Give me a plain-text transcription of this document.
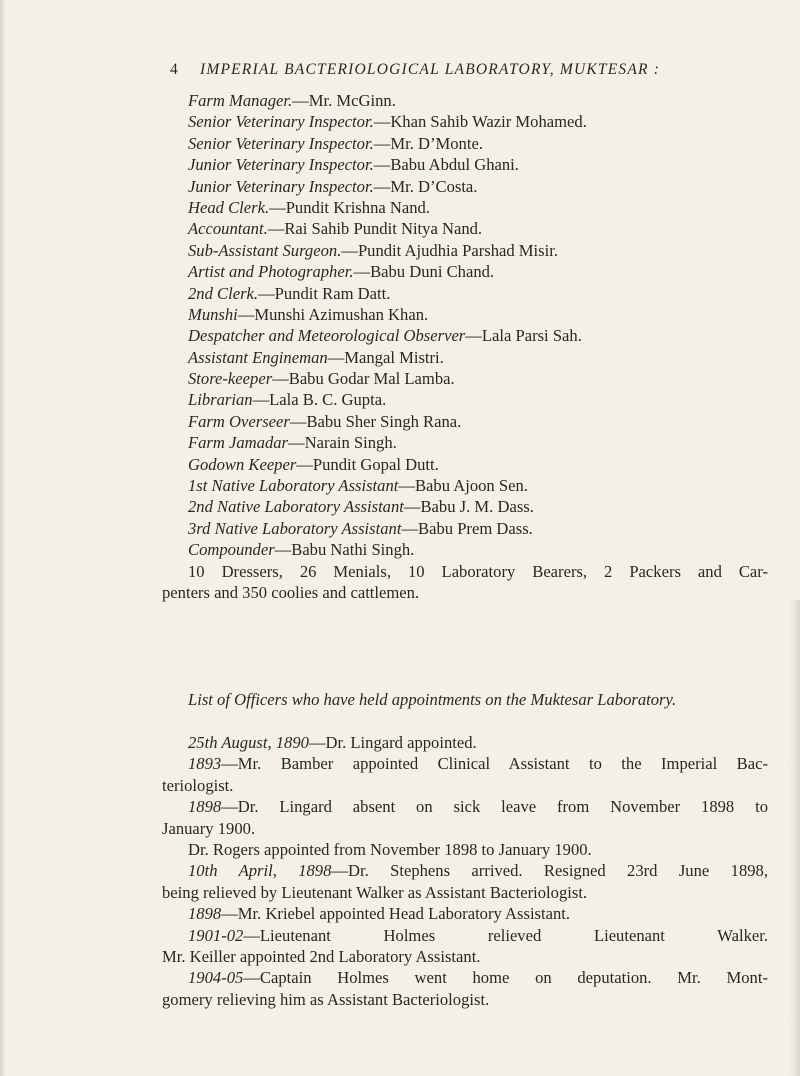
4 IMPERIAL BACTERIOLOGICAL LABORATORY, MUKTESAR :
Farm Manager.—Mr. McGinn.
Senior Veterinary Inspector.—Khan Sahib Wazir Mohamed.
Senior Veterinary Inspector.—Mr. D’Monte.
Junior Veterinary Inspector.—Babu Abdul Ghani.
Junior Veterinary Inspector.—Mr. D’Costa.
Head Clerk.—Pundit Krishna Nand.
Accountant.—Rai Sahib Pundit Nitya Nand.
Sub-Assistant Surgeon.—Pundit Ajudhia Parshad Misir.
Artist and Photographer.—Babu Duni Chand.
2nd Clerk.—Pundit Ram Datt.
Munshi—Munshi Azimushan Khan.
Despatcher and Meteorological Observer—Lala Parsi Sah.
Assistant Engineman—Mangal Mistri.
Store-keeper—Babu Godar Mal Lamba.
Librarian—Lala B. C. Gupta.
Farm Overseer—Babu Sher Singh Rana.
Farm Jamadar—Narain Singh.
Godown Keeper—Pundit Gopal Dutt.
1st Native Laboratory Assistant—Babu Ajoon Sen.
2nd Native Laboratory Assistant—Babu J. M. Dass.
3rd Native Laboratory Assistant—Babu Prem Dass.
Compounder—Babu Nathi Singh.
10 Dressers, 26 Menials, 10 Laboratory Bearers, 2 Packers and Car-
penters and 350 coolies and cattlemen.
List of Officers who have held appointments on the Muktesar Laboratory.

25th August, 1890—Dr. Lingard appointed.

1893—Mr. Bamber appointed Clinical Assistant to the Imperial Bac-
teriologist.

1898—Dr. Lingard absent on sick leave from November 1898 to
January 1900.

Dr. Rogers appointed from November 1898 to January 1900.

10th April, 1898—Dr. Stephens arrived. Resigned 23rd June 1898,
being relieved by Lieutenant Walker as Assistant Bacteriologist.

1898—Mr. Kriebel appointed Head Laboratory Assistant.

1901-02—Lieutenant Holmes relieved Lieutenant Walker.
Mr. Keiller appointed 2nd Laboratory Assistant.

1904-05—Captain Holmes went home on deputation. Mr. Mont-
gomery relieving him as Assistant Bacteriologist.
